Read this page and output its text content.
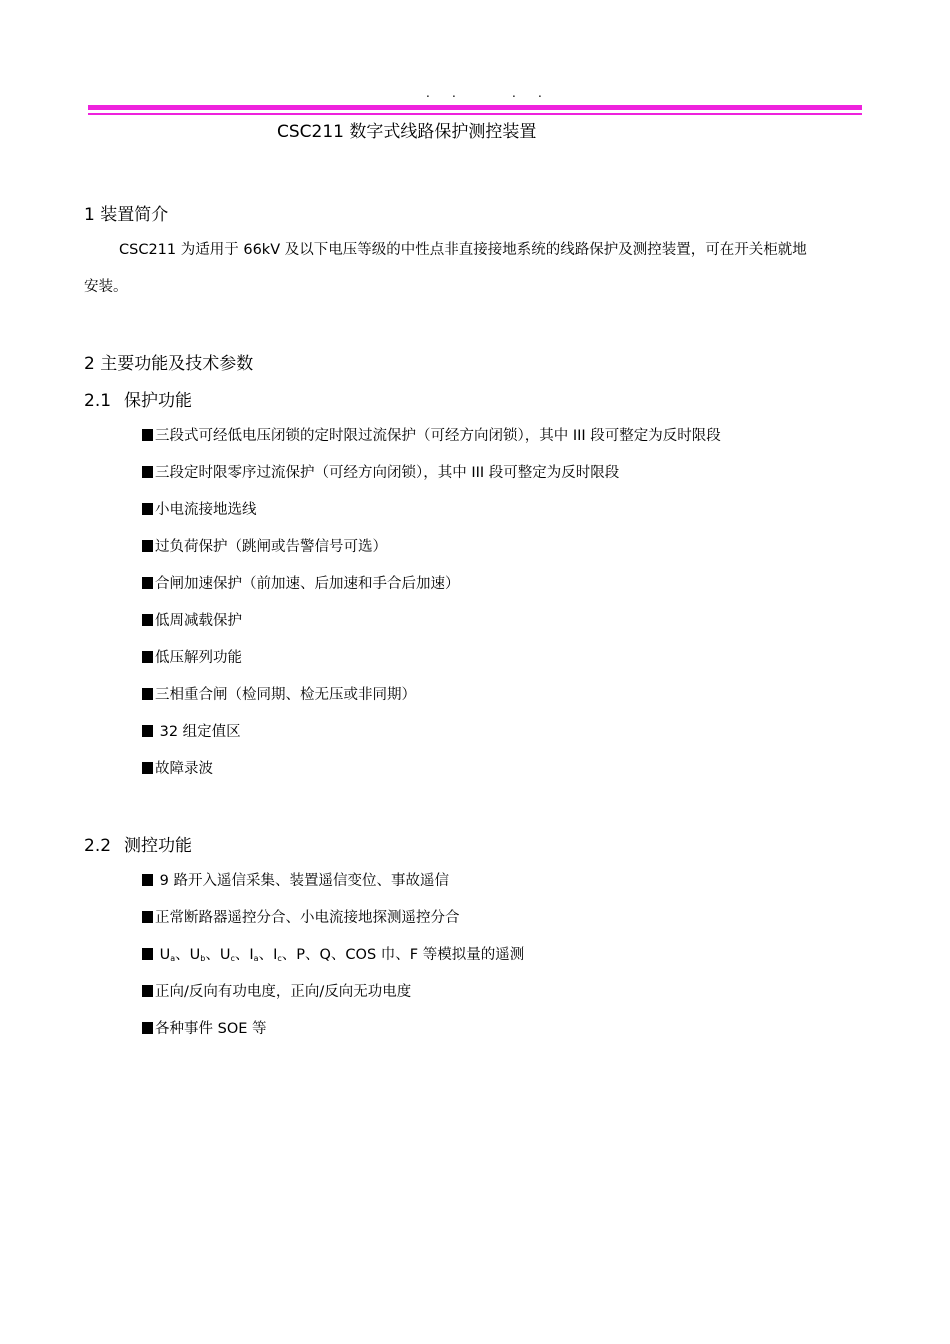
. .	. .
CSC211 数字式线路保护测控装置
1 装置简介
CSC211 为适用于 66kV 及以下电压等级的中性点非直接接地系统的线路保护及测控装置，可在开关柜就地
安装。
2 主要功能及技术参数
2.1 保护功能
三段式可经低电压闭锁的定时限过流保护（可经方向闭锁），其中 III 段可整定为反时限段
三段定时限零序过流保护（可经方向闭锁），其中 III 段可整定为反时限段
小电流接地选线
过负荷保护（跳闸或告警信号可选）
合闸加速保护（前加速、后加速和手合后加速）
低周减载保护
低压解列功能
三相重合闸（检同期、检无压或非同期）
32 组定值区
故障录波
2.2 测控功能
9 路开入遥信采集、装置遥信变位、事故遥信
正常断路器遥控分合、小电流接地探测遥控分合
$U_a$、$U_b$、$U_c$、$I_a$、$I_c$、P、Q、COS 巾、F 等模拟量的遥测
正向/反向有功电度，正向/反向无功电度
各种事件 SOE 等
